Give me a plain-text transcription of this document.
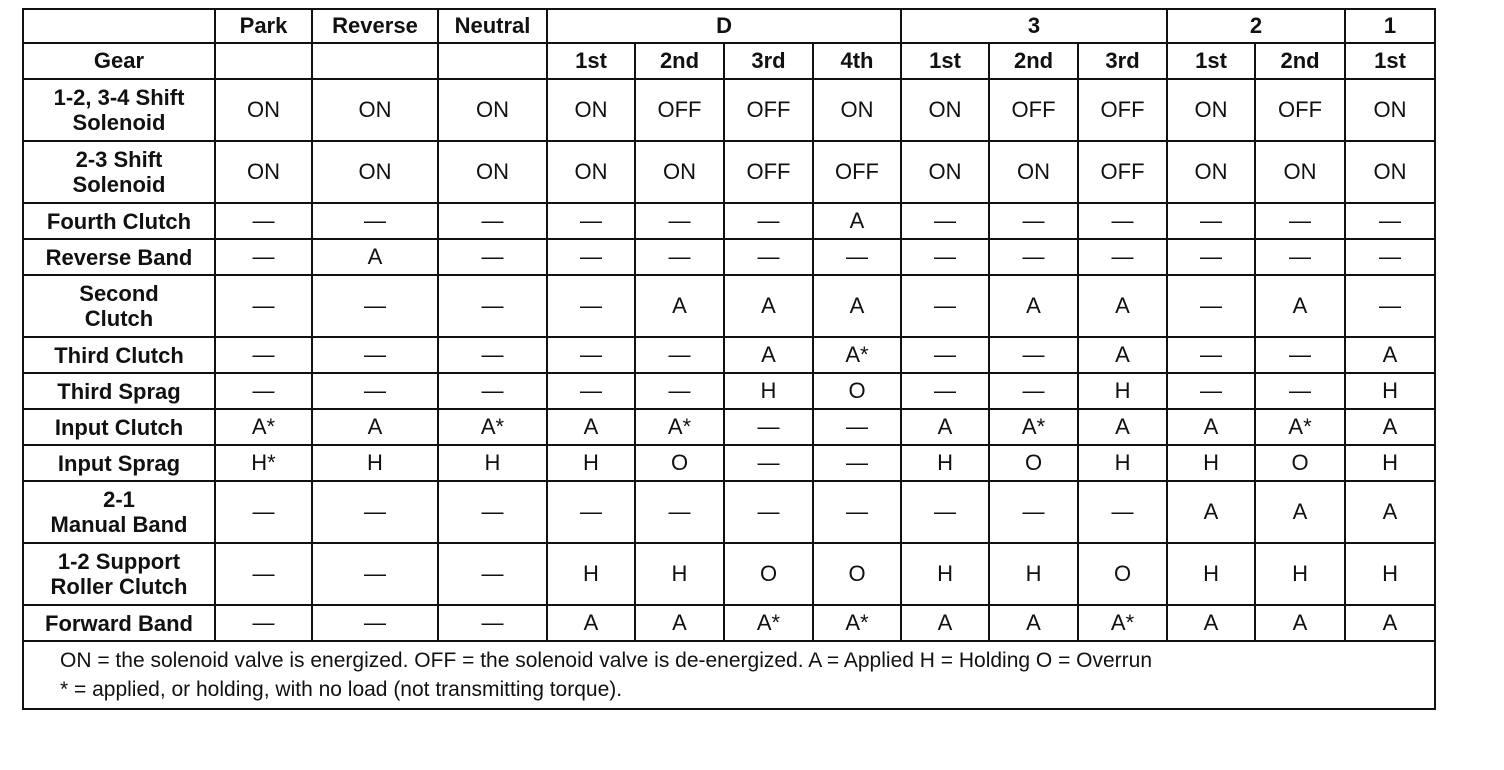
	Park	Reverse	Neutral	D				3			2		1
Gear				1st	2nd	3rd	4th	1st	2nd	3rd	1st	2nd	1st

1-2, 3-4 Shift
Solenoid	ON	ON	ON	ON	OFF	OFF	ON	ON	OFF	OFF	ON	OFF	ON

2-3 Shift
Solenoid	ON	ON	ON	ON	ON	OFF	OFF	ON	ON	OFF	ON	ON	ON

Fourth Clutch	—	—	—	—	—	—	A	—	—	—	—	—	—

Reverse Band	—	A	—	—	—	—	—	—	—	—	—	—	—

Second
Clutch	—	—	—	—	A	A	A	—	A	A	—	A	—

Third Clutch	—	—	—	—	—	A	A*	—	—	A	—	—	A

Third Sprag	—	—	—	—	—	H	O	—	—	H	—	—	H

Input Clutch	A*	A	A*	A	A*	—	—	A	A*	A	A	A*	A

Input Sprag	H*	H	H	H	O	—	—	H	O	H	H	O	H

2-1
Manual Band	—	—	—	—	—	—	—	—	—	—	A	A	A

1-2 Support
Roller Clutch	—	—	—	H	H	O	O	H	H	O	H	H	H

Forward Band	—	—	—	A	A	A*	A*	A	A	A*	A	A	A

ON = the solenoid valve is energized. OFF = the solenoid valve is de-energized. A = Applied H = Holding O = Overrun
* = applied, or holding, with no load (not transmitting torque).													
